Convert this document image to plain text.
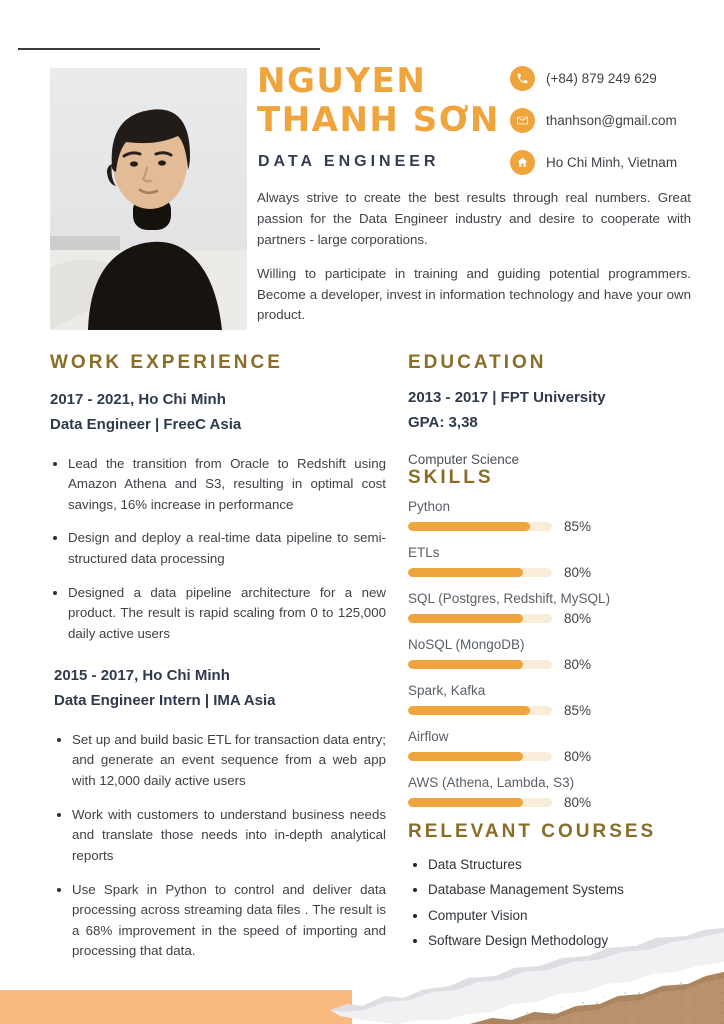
NGUYEN
THANH SƠN
DATA ENGINEER
(+84) 879 249 629
thanhson@gmail.com
Ho Chi Minh, Vietnam

Always strive to create the best results through real numbers. Great passion for the Data Engineer industry and desire to cooperate with partners - large corporations.

Willing to participate in training and guiding potential programmers. Become a developer, invest in information technology and have your own product.

WORK EXPERIENCE
2017 - 2021, Ho Chi Minh
Data Engineer | FreeC Asia
• Lead the transition from Oracle to Redshift using Amazon Athena and S3, resulting in optimal cost savings, 16% increase in performance
• Design and deploy a real-time data pipeline to semi-structured data processing
• Designed a data pipeline architecture for a new product. The result is rapid scaling from 0 to 125,000 daily active users
2015 - 2017, Ho Chi Minh
Data Engineer Intern | IMA Asia
• Set up and build basic ETL for transaction data entry; and generate an event sequence from a web app with 12,000 daily active users
• Work with customers to understand business needs and translate those needs into in-depth analytical reports
• Use Spark in Python to control and deliver data processing across streaming data files . The result is a 68% improvement in the speed of importing and processing that data.
EDUCATION
2013 - 2017 | FPT University
GPA: 3,38
Computer Science
SKILLS
Python
85%
ETLs
80%
SQL (Postgres, Redshift, MySQL)
80%
NoSQL (MongoDB)
80%
Spark, Kafka
85%
Airflow
80%
AWS (Athena, Lambda, S3)
80%
RELEVANT COURSES
• Data Structures
• Database Management Systems
• Computer Vision
• Software Design Methodology
